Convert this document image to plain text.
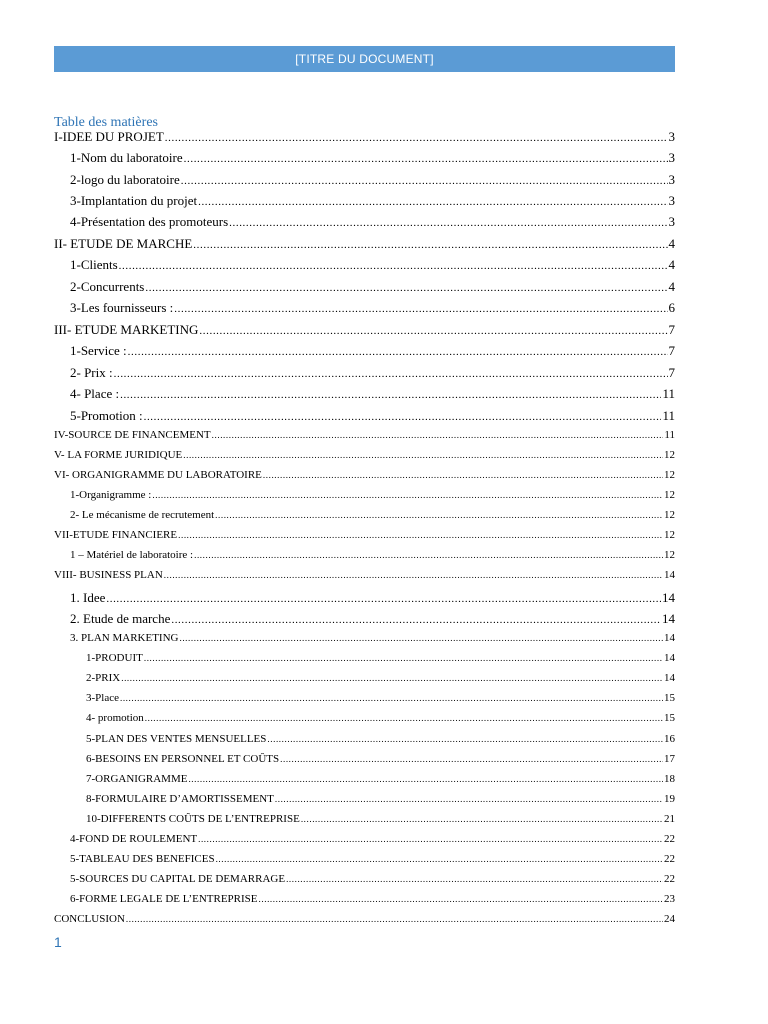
[TITRE DU DOCUMENT]
Table des matières
I-IDEE DU PROJET .....	3
1-Nom du laboratoire .....	3
2-logo du laboratoire .....	3
3-Implantation du projet .....	3
4-Présentation des promoteurs .....	3
II- ETUDE DE MARCHE .....	4
1-Clients .....	4
2-Concurrents .....	4
3-Les fournisseurs : .....	6
III- ETUDE MARKETING .....	7
1-Service : .....	7
2- Prix : .....	7
4- Place : .....	11
5-Promotion : .....	11
IV-SOURCE DE FINANCEMENT .....	11
V- LA FORME JURIDIQUE .....	12
VI- ORGANIGRAMME DU LABORATOIRE .....	12
1-Organigramme : .....	12
2- Le mécanisme de recrutement .....	12
VII-ETUDE FINANCIERE .....	12
1 – Matériel de laboratoire : .....	12
VIII- BUSINESS PLAN .....	14
1. Idee .....	14
2. Etude de marche .....	14
3. PLAN MARKETING .....	14
1-PRODUIT .....	14
2-PRIX .....	14
3-Place .....	15
4- promotion .....	15
5-PLAN DES VENTES MENSUELLES .....	16
6-BESOINS EN PERSONNEL ET COÛTS .....	17
7-ORGANIGRAMME .....	18
8-FORMULAIRE D’AMORTISSEMENT .....	19
10-DIFFERENTS COÛTS DE L’ENTREPRISE .....	21
4-FOND DE ROULEMENT .....	22
5-TABLEAU DES BENEFICES .....	22
5-SOURCES DU CAPITAL DE DEMARRAGE .....	22
6-FORME LEGALE DE L’ENTREPRISE .....	23
CONCLUSION .....	24
1
